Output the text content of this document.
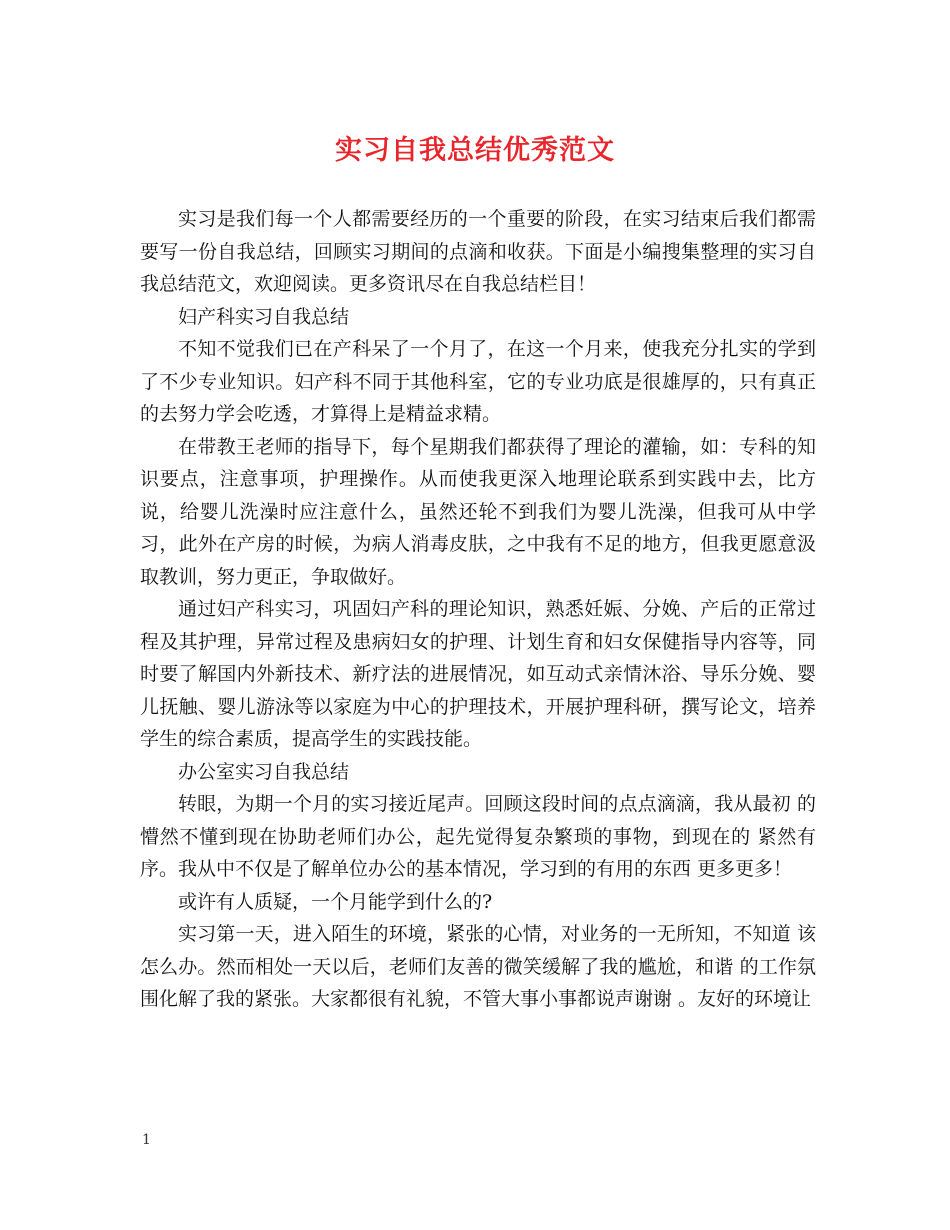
实习自我总结优秀范文

实习是我们每一个人都需要经历的一个重要的阶段，在实习结束后我们都需要写一份自我总结，回顾实习期间的点滴和收获。下面是小编搜集整理的实习自我总结范文，欢迎阅读。更多资讯尽在自我总结栏目！

妇产科实习自我总结

不知不觉我们已在产科呆了一个月了，在这一个月来，使我充分扎实的学到了不少专业知识。妇产科不同于其他科室，它的专业功底是很雄厚的，只有真正的去努力学会吃透，才算得上是精益求精。

在带教王老师的指导下，每个星期我们都获得了理论的灌输，如：专科的知识要点，注意事项，护理操作。从而使我更深入地理论联系到实践中去，比方说，给婴儿洗澡时应注意什么，虽然还轮不到我们为婴儿洗澡，但我可从中学习，此外在产房的时候，为病人消毒皮肤，之中我有不足的地方，但我更愿意汲取教训，努力更正，争取做好。

通过妇产科实习，巩固妇产科的理论知识，熟悉妊娠、分娩、产后的正常过程及其护理，异常过程及患病妇女的护理、计划生育和妇女保健指导内容等，同时要了解国内外新技术、新疗法的进展情况，如互动式亲情沐浴、导乐分娩、婴儿抚触、婴儿游泳等以家庭为中心的护理技术，开展护理科研，撰写论文，培养学生的综合素质，提高学生的实践技能。

办公室实习自我总结

转眼，为期一个月的实习接近尾声。回顾这段时间的点点滴滴，我从最初 的懵然不懂到现在协助老师们办公，起先觉得复杂繁琐的事物，到现在的 紧然有序。我从中不仅是了解单位办公的基本情况，学习到的有用的东西 更多更多！

或许有人质疑，一个月能学到什么的?

实习第一天，进入陌生的环境，紧张的心情，对业务的一无所知，不知道 该怎么办。然而相处一天以后，老师们友善的微笑缓解了我的尴尬，和谐 的工作氛围化解了我的紧张。大家都很有礼貌，不管大事小事都说声谢谢 。友好的环境让

1
